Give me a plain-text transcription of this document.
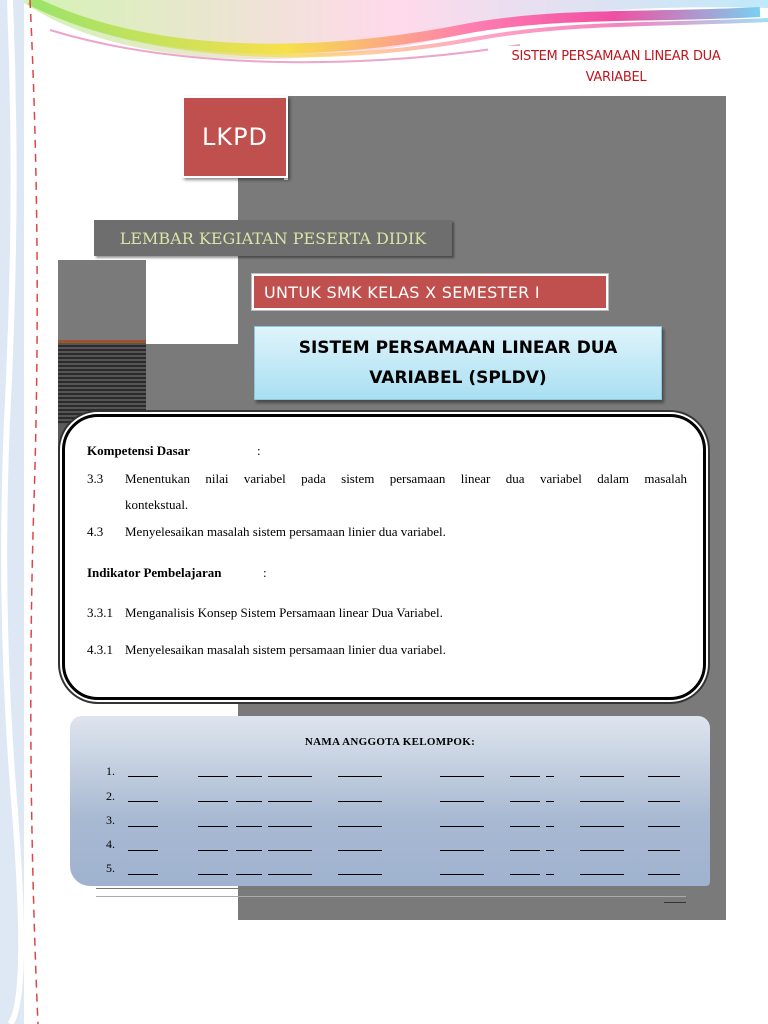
SISTEM PERSAMAAN LINEAR DUA VARIABEL
LKPD
LEMBAR KEGIATAN PESERTA DIDIK
UNTUK SMK KELAS X SEMESTER I
SISTEM PERSAMAAN LINEAR DUA
VARIABEL (SPLDV)
Kompetensi Dasar	:
3.3 Menentukan nilai variabel pada sistem persamaan linear dua variabel dalam masalah
kontekstual.
4.3 Menyelesaikan masalah sistem persamaan linier dua variabel.
Indikator Pembelajaran	:
3.3.1 Menganalisis Konsep Sistem Persamaan linear Dua Variabel.
4.3.1 Menyelesaikan masalah sistem persamaan linier dua variabel.
NAMA ANGGOTA KELOMPOK:
1.
2.
3.
4.
5.
